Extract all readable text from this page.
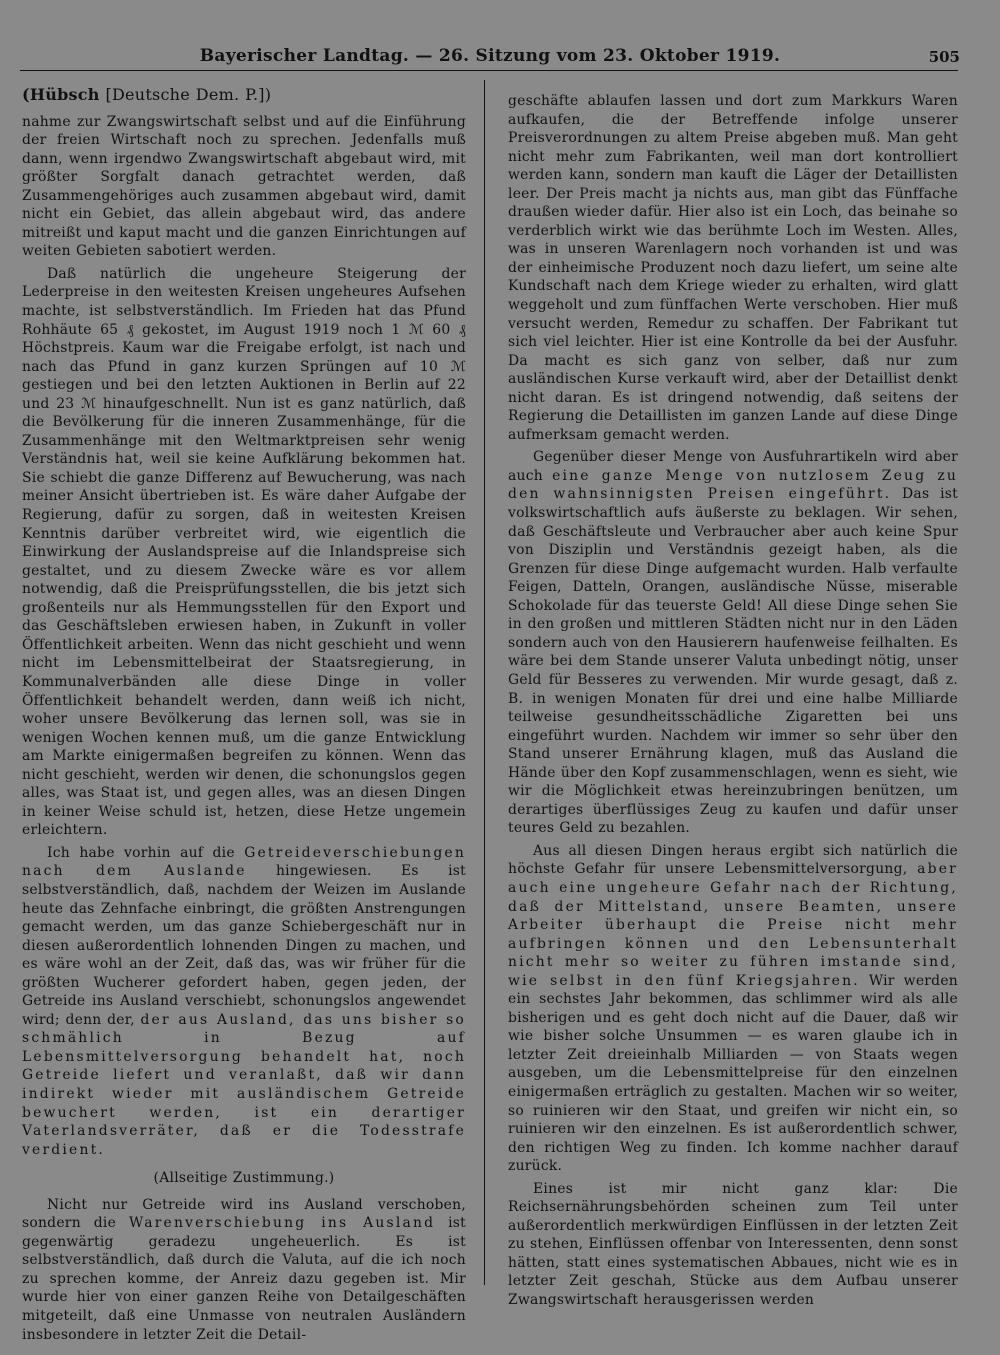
Bayerischer Landtag. — 26. Sitzung vom 23. Oktober 1919.	505
(Hübsch [Deutsche Dem. P.])

nahme zur Zwangswirtschaft selbst und auf die Einführung der freien Wirtschaft noch zu sprechen. Jedenfalls muß dann, wenn irgendwo Zwangswirtschaft abgebaut wird, mit größter Sorgfalt danach getrachtet werden, daß Zusammengehöriges auch zusammen abgebaut wird, damit nicht ein Gebiet, das allein abgebaut wird, das andere mitreißt und kaput macht und die ganzen Einrichtungen auf weiten Gebieten sabotiert werden.

Daß natürlich die ungeheure Steigerung der Lederpreise in den weitesten Kreisen ungeheures Aufsehen machte, ist selbstverständlich. Im Frieden hat das Pfund Rohhäute 65 ₰ gekostet, im August 1919 noch 1 ℳ 60 ₰ Höchstpreis. Kaum war die Freigabe erfolgt, ist nach und nach das Pfund in ganz kurzen Sprüngen auf 10 ℳ gestiegen und bei den letzten Auktionen in Berlin auf 22 und 23 ℳ hinaufgeschnellt. Nun ist es ganz natürlich, daß die Bevölkerung für die inneren Zusammenhänge, für die Zusammenhänge mit den Weltmarktpreisen sehr wenig Verständnis hat, weil sie keine Aufklärung bekommen hat. Sie schiebt die ganze Differenz auf Bewucherung, was nach meiner Ansicht übertrieben ist. Es wäre daher Aufgabe der Regierung, dafür zu sorgen, daß in weitesten Kreisen Kenntnis darüber verbreitet wird, wie eigentlich die Einwirkung der Auslandspreise auf die Inlandspreise sich gestaltet, und zu diesem Zwecke wäre es vor allem notwendig, daß die Preisprüfungsstellen, die bis jetzt sich großenteils nur als Hemmungsstellen für den Export und das Geschäftsleben erwiesen haben, in Zukunft in voller Öffentlichkeit arbeiten. Wenn das nicht geschieht und wenn nicht im Lebensmittelbeirat der Staatsregierung, in Kommunalverbänden alle diese Dinge in voller Öffentlichkeit behandelt werden, dann weiß ich nicht, woher unsere Bevölkerung das lernen soll, was sie in wenigen Wochen kennen muß, um die ganze Entwicklung am Markte einigermaßen begreifen zu können. Wenn das nicht geschieht, werden wir denen, die schonungslos gegen alles, was Staat ist, und gegen alles, was an diesen Dingen in keiner Weise schuld ist, hetzen, diese Hetze ungemein erleichtern.

Ich habe vorhin auf die Getreideverschiebungen nach dem Auslande hingewiesen. Es ist selbstverständlich, daß, nachdem der Weizen im Auslande heute das Zehnfache einbringt, die größten Anstrengungen gemacht werden, um das ganze Schiebergeschäft nur in diesen außerordentlich lohnenden Dingen zu machen, und es wäre wohl an der Zeit, daß das, was wir früher für die größten Wucherer gefordert haben, gegen jeden, der Getreide ins Ausland verschiebt, schonungslos angewendet wird; denn der, der aus Ausland, das uns bisher so schmählich in Bezug auf Lebensmittelversorgung behandelt hat, noch Getreide liefert und veranlaßt, daß wir dann indirekt wieder mit ausländischem Getreide bewuchert werden, ist ein derartiger Vaterlandsverräter, daß er die Todesstrafe verdient.

(Allseitige Zustimmung.)

Nicht nur Getreide wird ins Ausland verschoben, sondern die Warenverschiebung ins Ausland ist gegenwärtig geradezu ungeheuerlich. Es ist selbstverständlich, daß durch die Valuta, auf die ich noch zu sprechen komme, der Anreiz dazu gegeben ist. Mir wurde hier von einer ganzen Reihe von Detailgeschäften mitgeteilt, daß eine Unmasse von neutralen Ausländern insbesondere in letzter Zeit die Detail-

geschäfte ablaufen lassen und dort zum Markkurs Waren aufkaufen, die der Betreffende infolge unserer Preisverordnungen zu altem Preise abgeben muß. Man geht nicht mehr zum Fabrikanten, weil man dort kontrolliert werden kann, sondern man kauft die Läger der Detaillisten leer. Der Preis macht ja nichts aus, man gibt das Fünffache draußen wieder dafür. Hier also ist ein Loch, das beinahe so verderblich wirkt wie das berühmte Loch im Westen. Alles, was in unseren Warenlagern noch vorhanden ist und was der einheimische Produzent noch dazu liefert, um seine alte Kundschaft nach dem Kriege wieder zu erhalten, wird glatt weggeholt und zum fünffachen Werte verschoben. Hier muß versucht werden, Remedur zu schaffen. Der Fabrikant tut sich viel leichter. Hier ist eine Kontrolle da bei der Ausfuhr. Da macht es sich ganz von selber, daß nur zum ausländischen Kurse verkauft wird, aber der Detaillist denkt nicht daran. Es ist dringend notwendig, daß seitens der Regierung die Detaillisten im ganzen Lande auf diese Dinge aufmerksam gemacht werden.

Gegenüber dieser Menge von Ausfuhrartikeln wird aber auch eine ganze Menge von nutzlosem Zeug zu den wahnsinnigsten Preisen eingeführt. Das ist volkswirtschaftlich aufs äußerste zu beklagen. Wir sehen, daß Geschäftsleute und Verbraucher aber auch keine Spur von Disziplin und Verständnis gezeigt haben, als die Grenzen für diese Dinge aufgemacht wurden. Halb verfaulte Feigen, Datteln, Orangen, ausländische Nüsse, miserable Schokolade für das teuerste Geld! All diese Dinge sehen Sie in den großen und mittleren Städten nicht nur in den Läden sondern auch von den Hausierern haufenweise feilhalten. Es wäre bei dem Stande unserer Valuta unbedingt nötig, unser Geld für Besseres zu verwenden. Mir wurde gesagt, daß z. B. in wenigen Monaten für drei und eine halbe Milliarde teilweise gesundheitsschädliche Zigaretten bei uns eingeführt wurden. Nachdem wir immer so sehr über den Stand unserer Ernährung klagen, muß das Ausland die Hände über den Kopf zusammenschlagen, wenn es sieht, wie wir die Möglichkeit etwas hereinzubringen benützen, um derartiges überflüssiges Zeug zu kaufen und dafür unser teures Geld zu bezahlen.

Aus all diesen Dingen heraus ergibt sich natürlich die höchste Gefahr für unsere Lebensmittelversorgung, aber auch eine ungeheure Gefahr nach der Richtung, daß der Mittelstand, unsere Beamten, unsere Arbeiter überhaupt die Preise nicht mehr aufbringen können und den Lebensunterhalt nicht mehr so weiter zu führen imstande sind, wie selbst in den fünf Kriegsjahren. Wir werden ein sechstes Jahr bekommen, das schlimmer wird als alle bisherigen und es geht doch nicht auf die Dauer, daß wir wie bisher solche Unsummen — es waren glaube ich in letzter Zeit dreieinhalb Milliarden — von Staats wegen ausgeben, um die Lebensmittelpreise für den einzelnen einigermaßen erträglich zu gestalten. Machen wir so weiter, so ruinieren wir den Staat, und greifen wir nicht ein, so ruinieren wir den einzelnen. Es ist außerordentlich schwer, den richtigen Weg zu finden. Ich komme nachher darauf zurück.

Eines ist mir nicht ganz klar: Die Reichsernährungsbehörden scheinen zum Teil unter außerordentlich merkwürdigen Einflüssen in der letzten Zeit zu stehen, Einflüssen offenbar von Interessenten, denn sonst hätten, statt eines systematischen Abbaues, nicht wie es in letzter Zeit geschah, Stücke aus dem Aufbau unserer Zwangswirtschaft herausgerissen werden
